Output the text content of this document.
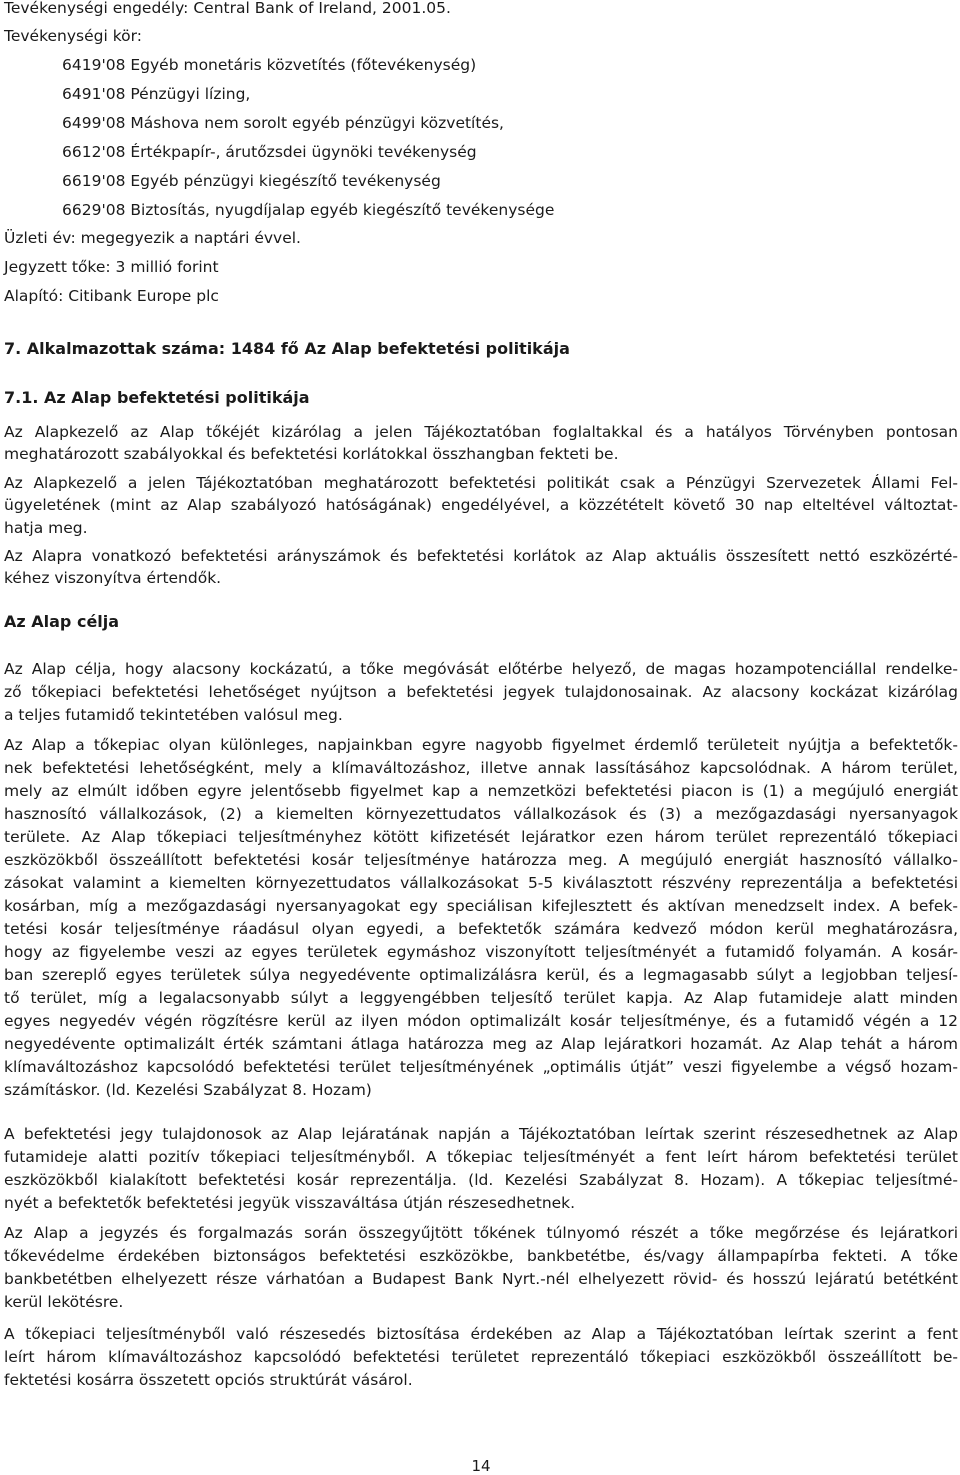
Tevékenységi engedély: Central Bank of Ireland, 2001.05.
Tevékenységi kör:
6419'08 Egyéb monetáris közvetítés (főtevékenység)
6491'08 Pénzügyi lízing,
6499'08 Máshova nem sorolt egyéb pénzügyi közvetítés,
6612'08 Értékpapír-, árutőzsdei ügynöki tevékenység
6619'08 Egyéb pénzügyi kiegészítő tevékenység
6629'08 Biztosítás, nyugdíjalap egyéb kiegészítő tevékenysége
Üzleti év: megegyezik a naptári évvel.
Jegyzett tőke: 3 millió forint
Alapító: Citibank Europe plc
7. Alkalmazottak száma: 1484 fő Az Alap befektetési politikája
7.1. Az Alap befektetési politikája
Az Alapkezelő az Alap tőkéjét kizárólag a jelen Tájékoztatóban foglaltakkal és a hatályos Törvényben pontosan
meghatározott szabályokkal és befektetési korlátokkal összhangban fekteti be.
Az Alapkezelő a jelen Tájékoztatóban meghatározott befektetési politikát csak a Pénzügyi Szervezetek Állami Fel-
ügyeletének (mint az Alap szabályozó hatóságának) engedélyével, a közzétételt követő 30 nap elteltével változtat-
hatja meg.
Az Alapra vonatkozó befektetési arányszámok és befektetési korlátok az Alap aktuális összesített nettó eszközérté-
kéhez viszonyítva értendők.
Az Alap célja
Az Alap célja, hogy alacsony kockázatú, a tőke megóvását előtérbe helyező, de magas hozampotenciállal rendelke-
ző tőkepiaci befektetési lehetőséget nyújtson a befektetési jegyek tulajdonosainak. Az alacsony kockázat kizárólag
a teljes futamidő tekintetében valósul meg.
Az Alap a tőkepiac olyan különleges, napjainkban egyre nagyobb figyelmet érdemlő területeit nyújtja a befektetők-
nek befektetési lehetőségként, mely a klímaváltozáshoz, illetve annak lassításához kapcsolódnak. A három terület,
mely az elmúlt időben egyre jelentősebb figyelmet kap a nemzetközi befektetési piacon is (1) a megújuló energiát
hasznosító vállalkozások, (2) a kiemelten környezettudatos vállalkozások és (3) a mezőgazdasági nyersanyagok
területe. Az Alap tőkepiaci teljesítményhez kötött kifizetését lejáratkor ezen három terület reprezentáló tőkepiaci
eszközökből összeállított befektetési kosár teljesítménye határozza meg. A megújuló energiát hasznosító vállalko-
zásokat valamint a kiemelten környezettudatos vállalkozásokat 5-5 kiválasztott részvény reprezentálja a befektetési
kosárban, míg a mezőgazdasági nyersanyagokat egy speciálisan kifejlesztett és aktívan menedzselt index. A befek-
tetési kosár teljesítménye ráadásul olyan egyedi, a befektetők számára kedvező módon kerül meghatározásra,
hogy az figyelembe veszi az egyes területek egymáshoz viszonyított teljesítményét a futamidő folyamán. A kosár-
ban szereplő egyes területek súlya negyedévente optimalizálásra kerül, és a legmagasabb súlyt a legjobban teljesí-
tő terület, míg a legalacsonyabb súlyt a leggyengébben teljesítő terület kapja. Az Alap futamideje alatt minden
egyes negyedév végén rögzítésre kerül az ilyen módon optimalizált kosár teljesítménye, és a futamidő végén a 12
negyedévente optimalizált érték számtani átlaga határozza meg az Alap lejáratkori hozamát. Az Alap tehát a három
klímaváltozáshoz kapcsolódó befektetési terület teljesítményének „optimális útját” veszi figyelembe a végső hozam-
számításkor. (ld. Kezelési Szabályzat 8. Hozam)
A befektetési jegy tulajdonosok az Alap lejáratának napján a Tájékoztatóban leírtak szerint részesedhetnek az Alap
futamideje alatti pozitív tőkepiaci teljesítményből. A tőkepiac teljesítményét a fent leírt három befektetési terület
eszközökből kialakított befektetési kosár reprezentálja. (ld. Kezelési Szabályzat 8. Hozam). A tőkepiac teljesítmé-
nyét a befektetők befektetési jegyük visszaváltása útján részesedhetnek.
Az Alap a jegyzés és forgalmazás során összegyűjtött tőkének túlnyomó részét a tőke megőrzése és lejáratkori
tőkevédelme érdekében biztonságos befektetési eszközökbe, bankbetétbe, és/vagy állampapírba fekteti. A tőke
bankbetétben elhelyezett része várhatóan a Budapest Bank Nyrt.-nél elhelyezett rövid- és hosszú lejáratú betétként
kerül lekötésre.
A tőkepiaci teljesítményből való részesedés biztosítása érdekében az Alap a Tájékoztatóban leírtak szerint a fent
leírt három klímaváltozáshoz kapcsolódó befektetési területet reprezentáló tőkepiaci eszközökből összeállított be-
fektetési kosárra összetett opciós struktúrát vásárol.
14
